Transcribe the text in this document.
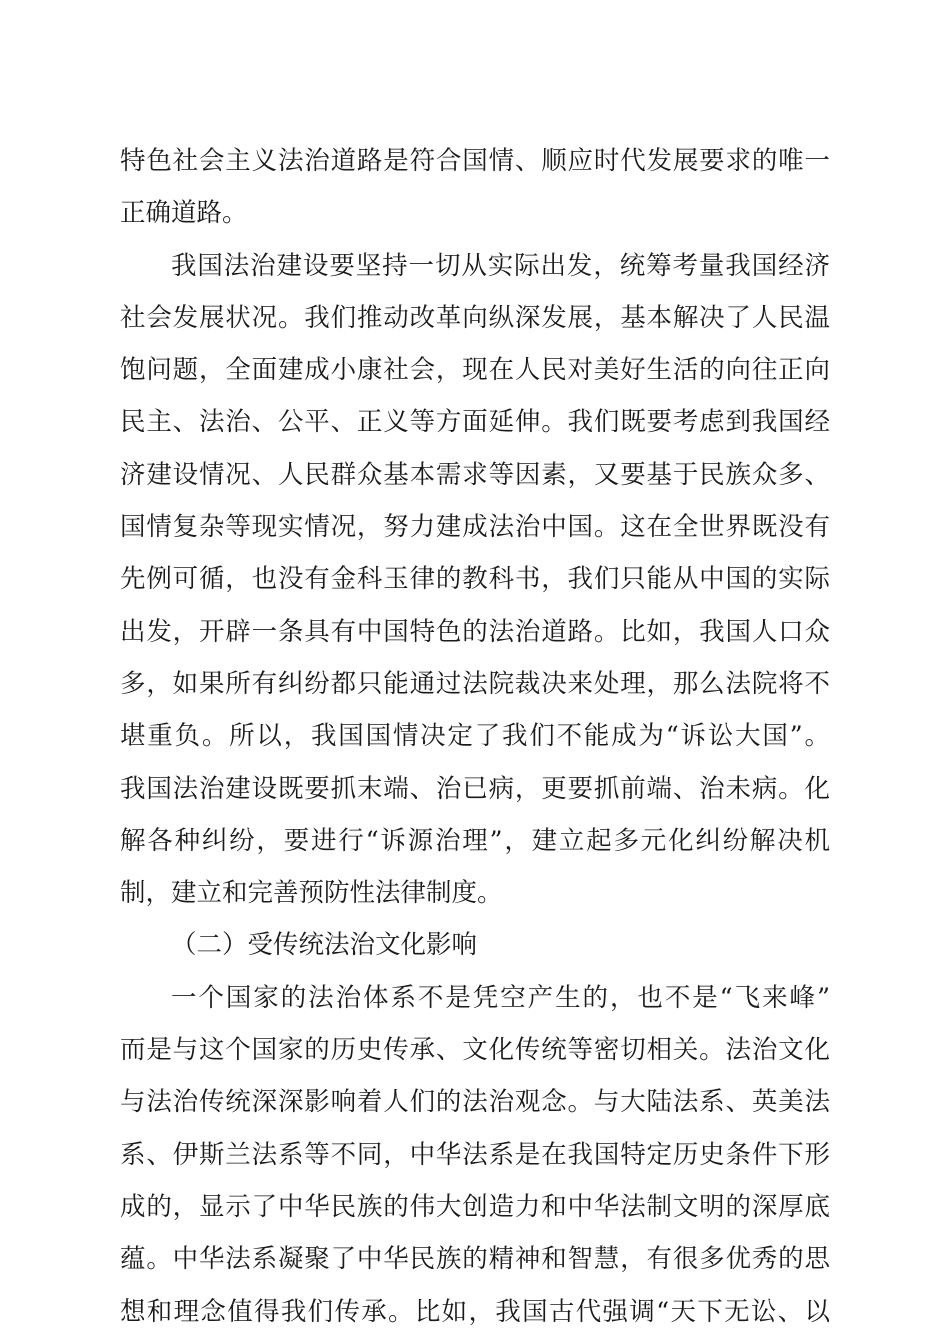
特色社会主义法治道路是符合国情、顺应时代发展要求的唯一
正确道路。
我国法治建设要坚持一切从实际出发，统筹考量我国经济
社会发展状况。我们推动改革向纵深发展，基本解决了人民温
饱问题，全面建成小康社会，现在人民对美好生活的向往正向
民主、法治、公平、正义等方面延伸。我们既要考虑到我国经
济建设情况、人民群众基本需求等因素，又要基于民族众多、
国情复杂等现实情况，努力建成法治中国。这在全世界既没有
先例可循，也没有金科玉律的教科书，我们只能从中国的实际
出发，开辟一条具有中国特色的法治道路。比如，我国人口众
多，如果所有纠纷都只能通过法院裁决来处理，那么法院将不
堪重负。所以，我国国情决定了我们不能成为“诉讼大国”。
我国法治建设既要抓末端、治已病，更要抓前端、治未病。化
解各种纠纷，要进行“诉源治理”，建立起多元化纠纷解决机
制，建立和完善预防性法律制度。
（二）受传统法治文化影响
一个国家的法治体系不是凭空产生的，也不是“飞来峰”
而是与这个国家的历史传承、文化传统等密切相关。法治文化
与法治传统深深影响着人们的法治观念。与大陆法系、英美法
系、伊斯兰法系等不同，中华法系是在我国特定历史条件下形
成的，显示了中华民族的伟大创造力和中华法制文明的深厚底
蕴。中华法系凝聚了中华民族的精神和智慧，有很多优秀的思
想和理念值得我们传承。比如，我国古代强调“天下无讼、以
